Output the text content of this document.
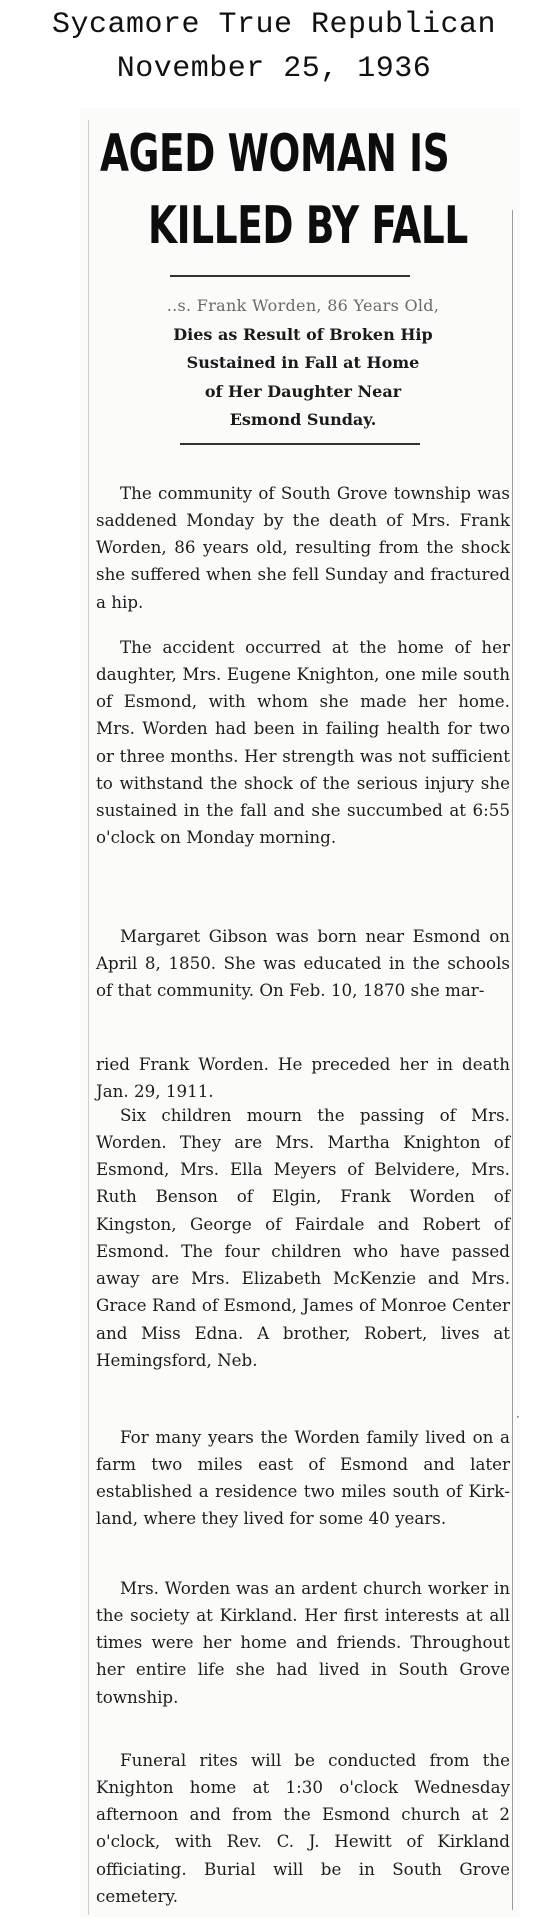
Sycamore True Republican
November 25, 1936
·
AGED WOMAN IS
KILLED BY FALL
..s. Frank Worden, 86 Years Old,
Dies as Result of Broken Hip
Sustained in Fall at Home
of Her Daughter Near
Esmond Sunday.

The community of South Grove township was saddened Monday by the death of Mrs. Frank Worden, 86 years old, resulting from the shock she suffered when she fell Sunday and fractured a hip.

The accident occurred at the home of her daughter, Mrs. Eugene Knighton, one mile south of Esmond, with whom she made her home. Mrs. Worden had been in failing health for two or three months. Her strength was not sufficient to withstand the shock of the serious injury she sustained in the fall and she succumbed at 6:55 o'clock on Monday morning.

Margaret Gibson was born near Esmond on April 8, 1850. She was educated in the schools of that community. On Feb. 10, 1870 she mar-

ried Frank Worden. He preceded her in death Jan. 29, 1911.

Six children mourn the passing of Mrs. Worden. They are Mrs. Martha Knighton of Esmond, Mrs. Ella Meyers of Belvidere, Mrs. Ruth Benson of Elgin, Frank Worden of Kingston, George of Fairdale and Robert of Esmond. The four children who have passed away are Mrs. Elizabeth McKenzie and Mrs. Grace Rand of Esmond, James of Monroe Center and Miss Edna. A brother, Robert, lives at Hemingsford, Neb.

For many years the Worden family lived on a farm two miles east of Esmond and later established a residence two miles south of Kirkland, where they lived for some 40 years.

Mrs. Worden was an ardent church worker in the society at Kirkland. Her first interests at all times were her home and friends. Throughout her entire life she had lived in South Grove township.

Funeral rites will be conducted from the Knighton home at 1:30 o'clock Wednesday afternoon and from the Esmond church at 2 o'clock, with Rev. C. J. Hewitt of Kirkland officiating. Burial will be in South Grove cemetery.
